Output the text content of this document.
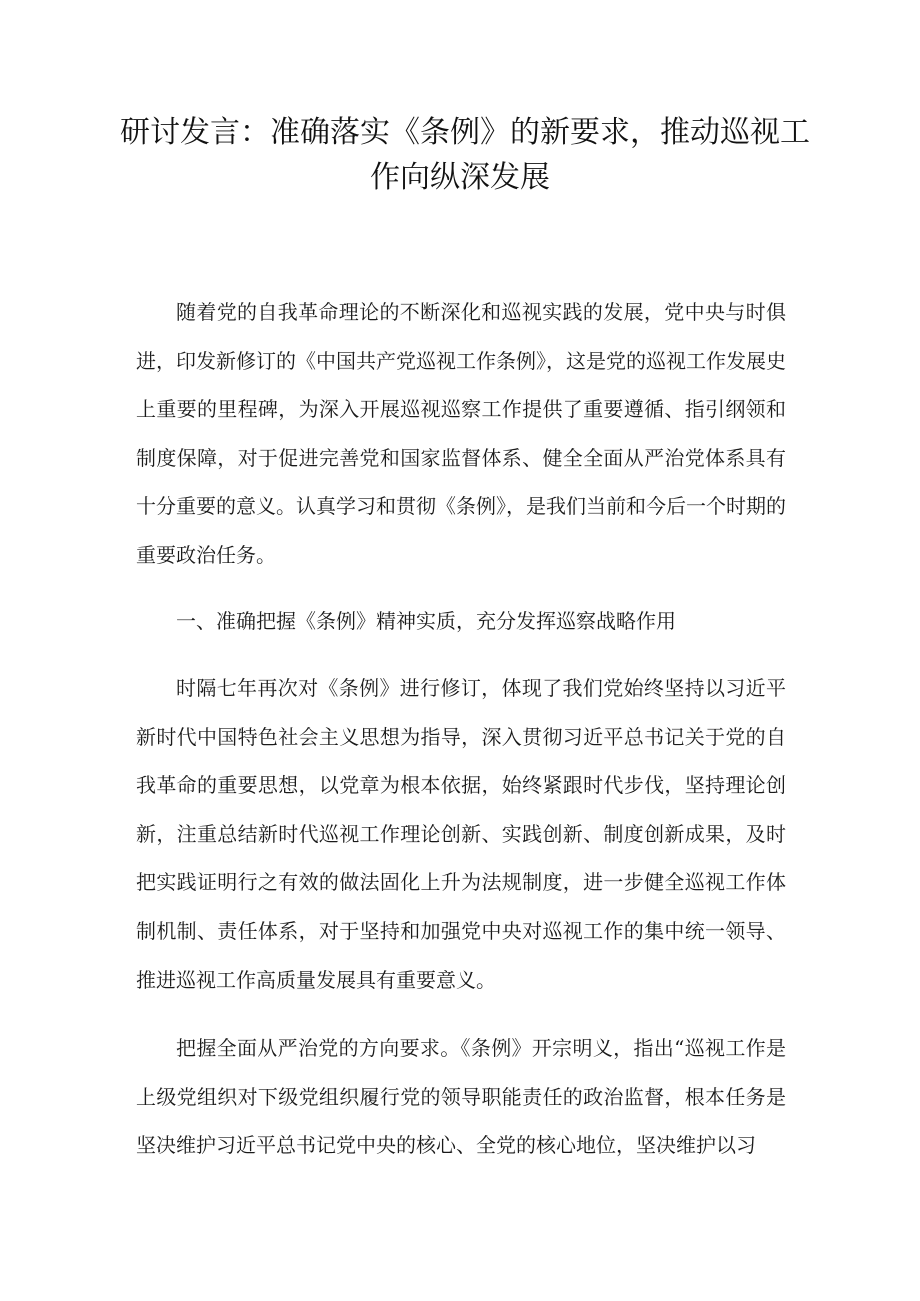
研讨发言：准确落实《条例》的新要求，推动巡视工
作向纵深发展

随着党的自我革命理论的不断深化和巡视实践的发展，党中央与时俱进，印发新修订的《中国共产党巡视工作条例》，这是党的巡视工作发展史上重要的里程碑，为深入开展巡视巡察工作提供了重要遵循、指引纲领和制度保障，对于促进完善党和国家监督体系、健全全面从严治党体系具有十分重要的意义。认真学习和贯彻《条例》，是我们当前和今后一个时期的重要政治任务。

一、准确把握《条例》精神实质，充分发挥巡察战略作用

时隔七年再次对《条例》进行修订，体现了我们党始终坚持以习近平新时代中国特色社会主义思想为指导，深入贯彻习近平总书记关于党的自我革命的重要思想，以党章为根本依据，始终紧跟时代步伐，坚持理论创新，注重总结新时代巡视工作理论创新、实践创新、制度创新成果，及时把实践证明行之有效的做法固化上升为法规制度，进一步健全巡视工作体制机制、责任体系，对于坚持和加强党中央对巡视工作的集中统一领导、推进巡视工作高质量发展具有重要意义。

把握全面从严治党的方向要求。《条例》开宗明义，指出“巡视工作是上级党组织对下级党组织履行党的领导职能责任的政治监督，根本任务是坚决维护习近平总书记党中央的核心、全党的核心地位，坚决维护以习
